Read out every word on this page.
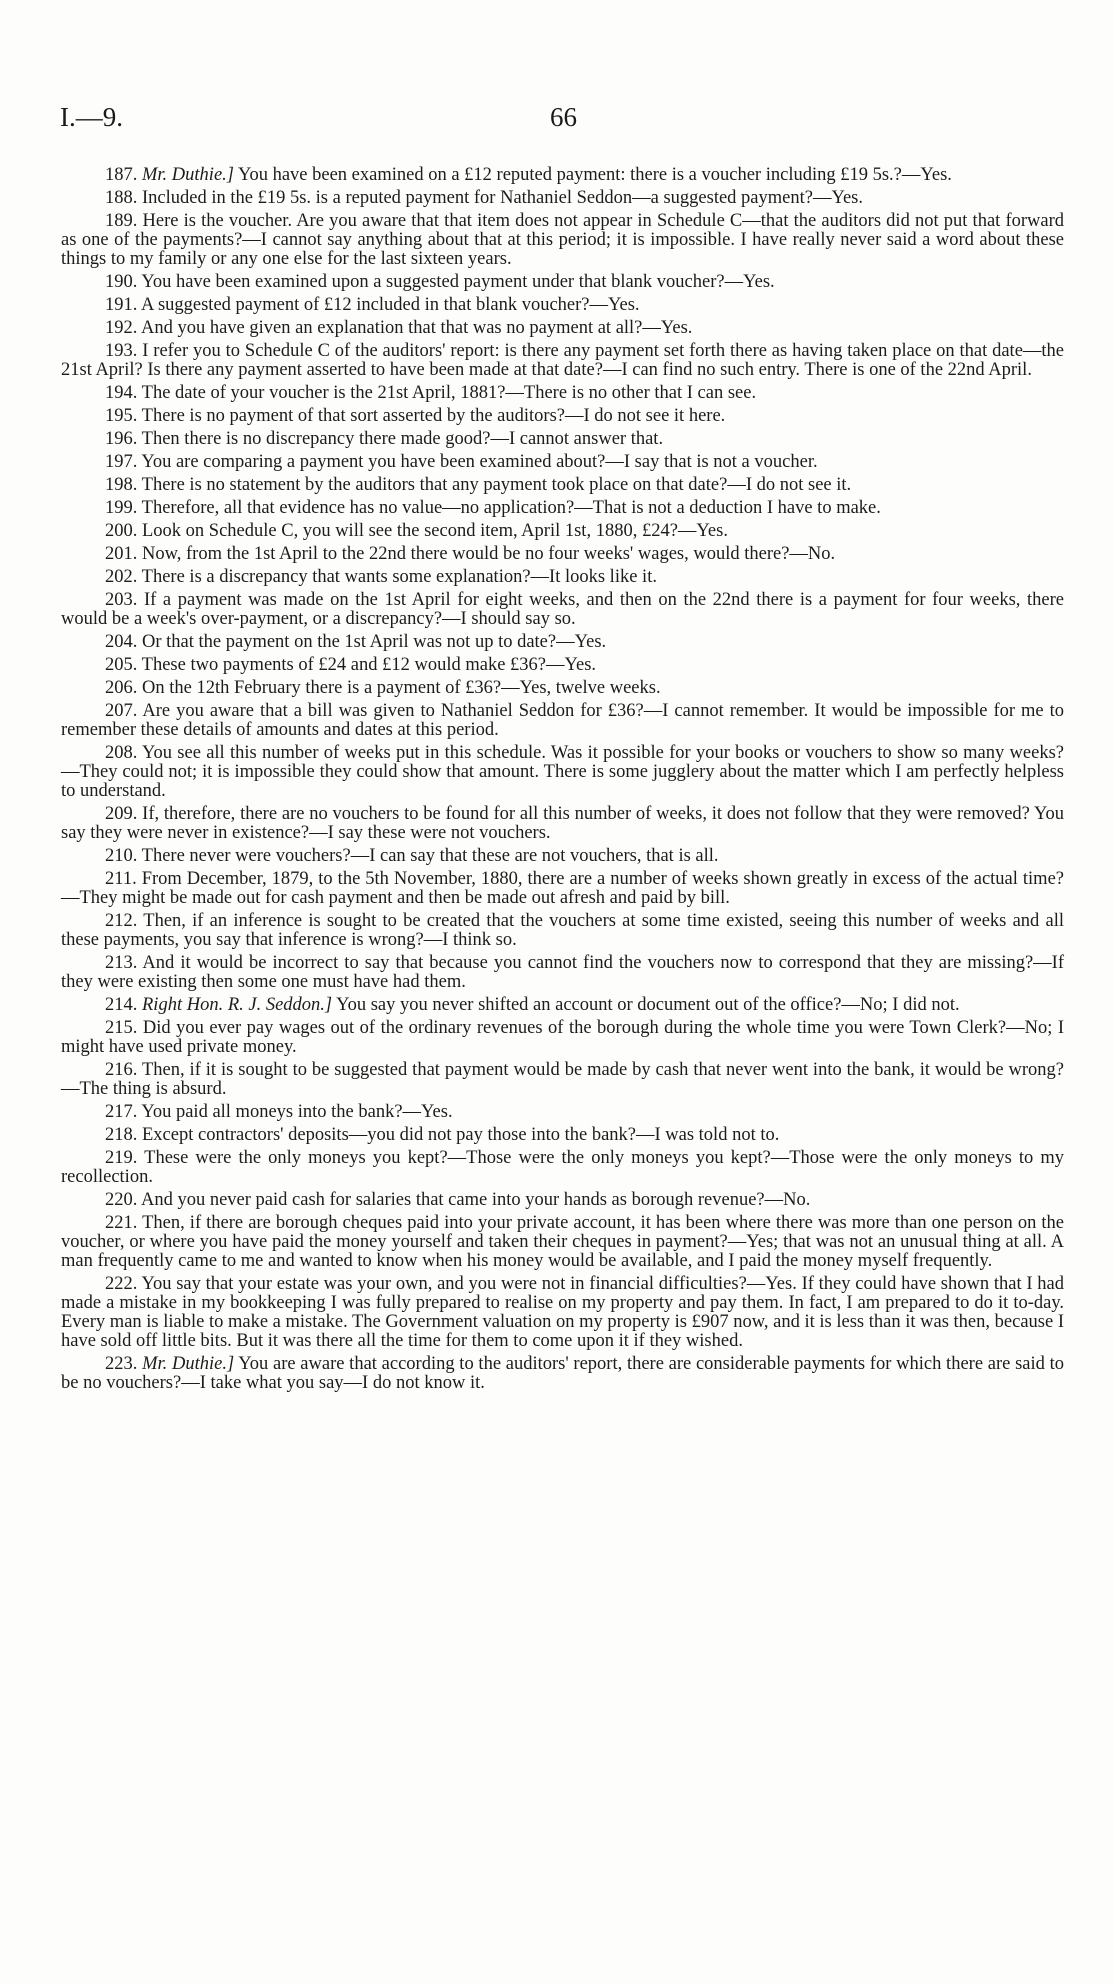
I.—9.	66

187. Mr. Duthie.] You have been examined on a £12 reputed payment: there is a voucher including £19 5s.?—Yes.

188. Included in the £19 5s. is a reputed payment for Nathaniel Seddon—a suggested payment?—Yes.

189. Here is the voucher. Are you aware that that item does not appear in Schedule C—that the auditors did not put that forward as one of the payments?—I cannot say anything about that at this period; it is impossible. I have really never said a word about these things to my family or any one else for the last sixteen years.

190. You have been examined upon a suggested payment under that blank voucher?—Yes.

191. A suggested payment of £12 included in that blank voucher?—Yes.

192. And you have given an explanation that that was no payment at all?—Yes.

193. I refer you to Schedule C of the auditors' report: is there any payment set forth there as having taken place on that date—the 21st April? Is there any payment asserted to have been made at that date?—I can find no such entry. There is one of the 22nd April.

194. The date of your voucher is the 21st April, 1881?—There is no other that I can see.

195. There is no payment of that sort asserted by the auditors?—I do not see it here.

196. Then there is no discrepancy there made good?—I cannot answer that.

197. You are comparing a payment you have been examined about?—I say that is not a voucher.

198. There is no statement by the auditors that any payment took place on that date?—I do not see it.

199. Therefore, all that evidence has no value—no application?—That is not a deduction I have to make.

200. Look on Schedule C, you will see the second item, April 1st, 1880, £24?—Yes.

201. Now, from the 1st April to the 22nd there would be no four weeks' wages, would there?—No.

202. There is a discrepancy that wants some explanation?—It looks like it.

203. If a payment was made on the 1st April for eight weeks, and then on the 22nd there is a payment for four weeks, there would be a week's over-payment, or a discrepancy?—I should say so.

204. Or that the payment on the 1st April was not up to date?—Yes.

205. These two payments of £24 and £12 would make £36?—Yes.

206. On the 12th February there is a payment of £36?—Yes, twelve weeks.

207. Are you aware that a bill was given to Nathaniel Seddon for £36?—I cannot remember. It would be impossible for me to remember these details of amounts and dates at this period.

208. You see all this number of weeks put in this schedule. Was it possible for your books or vouchers to show so many weeks?—They could not; it is impossible they could show that amount. There is some jugglery about the matter which I am perfectly helpless to understand.

209. If, therefore, there are no vouchers to be found for all this number of weeks, it does not follow that they were removed? You say they were never in existence?—I say these were not vouchers.

210. There never were vouchers?—I can say that these are not vouchers, that is all.

211. From December, 1879, to the 5th November, 1880, there are a number of weeks shown greatly in excess of the actual time?—They might be made out for cash payment and then be made out afresh and paid by bill.

212. Then, if an inference is sought to be created that the vouchers at some time existed, seeing this number of weeks and all these payments, you say that inference is wrong?—I think so.

213. And it would be incorrect to say that because you cannot find the vouchers now to correspond that they are missing?—If they were existing then some one must have had them.

214. Right Hon. R. J. Seddon.] You say you never shifted an account or document out of the office?—No; I did not.

215. Did you ever pay wages out of the ordinary revenues of the borough during the whole time you were Town Clerk?—No; I might have used private money.

216. Then, if it is sought to be suggested that payment would be made by cash that never went into the bank, it would be wrong?—The thing is absurd.

217. You paid all moneys into the bank?—Yes.

218. Except contractors' deposits—you did not pay those into the bank?—I was told not to.

219. These were the only moneys you kept?—Those were the only moneys you kept?—Those were the only moneys to my recollection.

220. And you never paid cash for salaries that came into your hands as borough revenue?—No.

221. Then, if there are borough cheques paid into your private account, it has been where there was more than one person on the voucher, or where you have paid the money yourself and taken their cheques in payment?—Yes; that was not an unusual thing at all. A man frequently came to me and wanted to know when his money would be available, and I paid the money myself frequently.

222. You say that your estate was your own, and you were not in financial difficulties?—Yes. If they could have shown that I had made a mistake in my bookkeeping I was fully prepared to realise on my property and pay them. In fact, I am prepared to do it to-day. Every man is liable to make a mistake. The Government valuation on my property is £907 now, and it is less than it was then, because I have sold off little bits. But it was there all the time for them to come upon it if they wished.

223. Mr. Duthie.] You are aware that according to the auditors' report, there are considerable payments for which there are said to be no vouchers?—I take what you say—I do not know it.
